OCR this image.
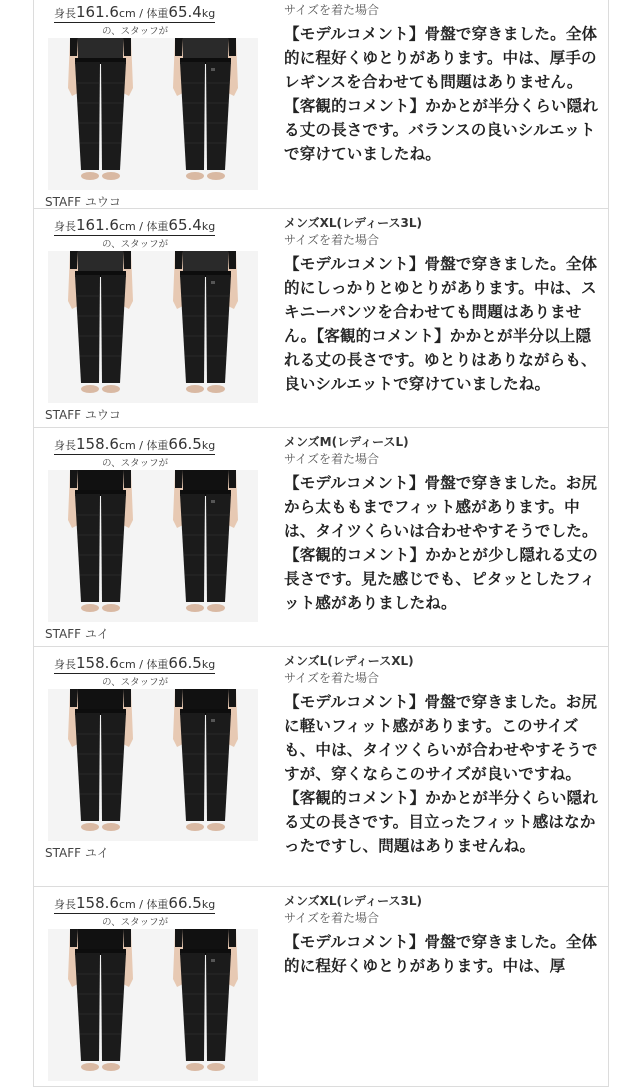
身長161.6cm / 体重65.4kg
の、スタッフが
STAFF ユウコ
サイズを着た場合
【モデルコメント】骨盤で穿きました。全体的に程好くゆとりがあります。中は、厚手のレギンスを合わせても問題はありません。【客観的コメント】かかとが半分くらい隠れる丈の長さです。バランスの良いシルエットで穿けていましたね。
身長161.6cm / 体重65.4kg
の、スタッフが
STAFF ユウコ
メンズXL(レディース3L)
サイズを着た場合
【モデルコメント】骨盤で穿きました。全体的にしっかりとゆとりがあります。中は、スキニーパンツを合わせても問題はありません。【客観的コメント】かかとが半分以上隠れる丈の長さです。ゆとりはありながらも、良いシルエットで穿けていましたね。
身長158.6cm / 体重66.5kg
の、スタッフが
STAFF ユイ
メンズM(レディースL)
サイズを着た場合
【モデルコメント】骨盤で穿きました。お尻から太ももまでフィット感があります。中は、タイツくらいは合わせやすそうでした。【客観的コメント】かかとが少し隠れる丈の長さです。見た感じでも、ピタッとしたフィット感がありましたね。
身長158.6cm / 体重66.5kg
の、スタッフが
STAFF ユイ
メンズL(レディースXL)
サイズを着た場合
【モデルコメント】骨盤で穿きました。お尻に軽いフィット感があります。このサイズも、中は、タイツくらいが合わせやすそうですが、穿くならこのサイズが良いですね。【客観的コメント】かかとが半分くらい隠れる丈の長さです。目立ったフィット感はなかったですし、問題はありませんね。
身長158.6cm / 体重66.5kg
の、スタッフが
メンズXL(レディース3L)
サイズを着た場合
【モデルコメント】骨盤で穿きました。全体的に程好くゆとりがあります。中は、厚
